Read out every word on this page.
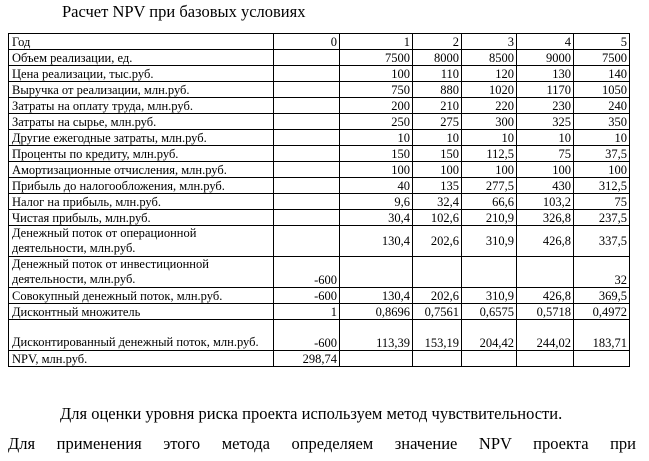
Расчет NPV при базовых условиях
Год	0	1	2	3	4	5
Объем реализации, ед.		7500	8000	8500	9000	7500
Цена реализации, тыс.руб.		100	110	120	130	140
Выручка от реализации, млн.руб.		750	880	1020	1170	1050
Затраты на оплату труда, млн.руб.		200	210	220	230	240
Затраты на сырье, млн.руб.		250	275	300	325	350
Другие ежегодные затраты, млн.руб.		10	10	10	10	10
Проценты по кредиту, млн.руб.		150	150	112,5	75	37,5
Амортизационные отчисления, млн.руб.		100	100	100	100	100
Прибыль до налогообложения, млн.руб.		40	135	277,5	430	312,5
Налог на прибыль, млн.руб.		9,6	32,4	66,6	103,2	75
Чистая прибыль, млн.руб.		30,4	102,6	210,9	326,8	237,5
Денежный поток от операционной деятельности, млн.руб.		130,4	202,6	310,9	426,8	337,5
Денежный поток от инвестиционной деятельности, млн.руб.	-600					32
Совокупный денежный поток, млн.руб.	-600	130,4	202,6	310,9	426,8	369,5
Дисконтный множитель	1	0,8696	0,7561	0,6575	0,5718	0,4972
Дисконтированный денежный поток, млн.руб.	-600	113,39	153,19	204,42	244,02	183,71
NPV, млн.руб.	298,74					
Для оценки уровня риска проекта используем метод чувствительности.
Для применения этого метода определяем значение NPV проекта при
